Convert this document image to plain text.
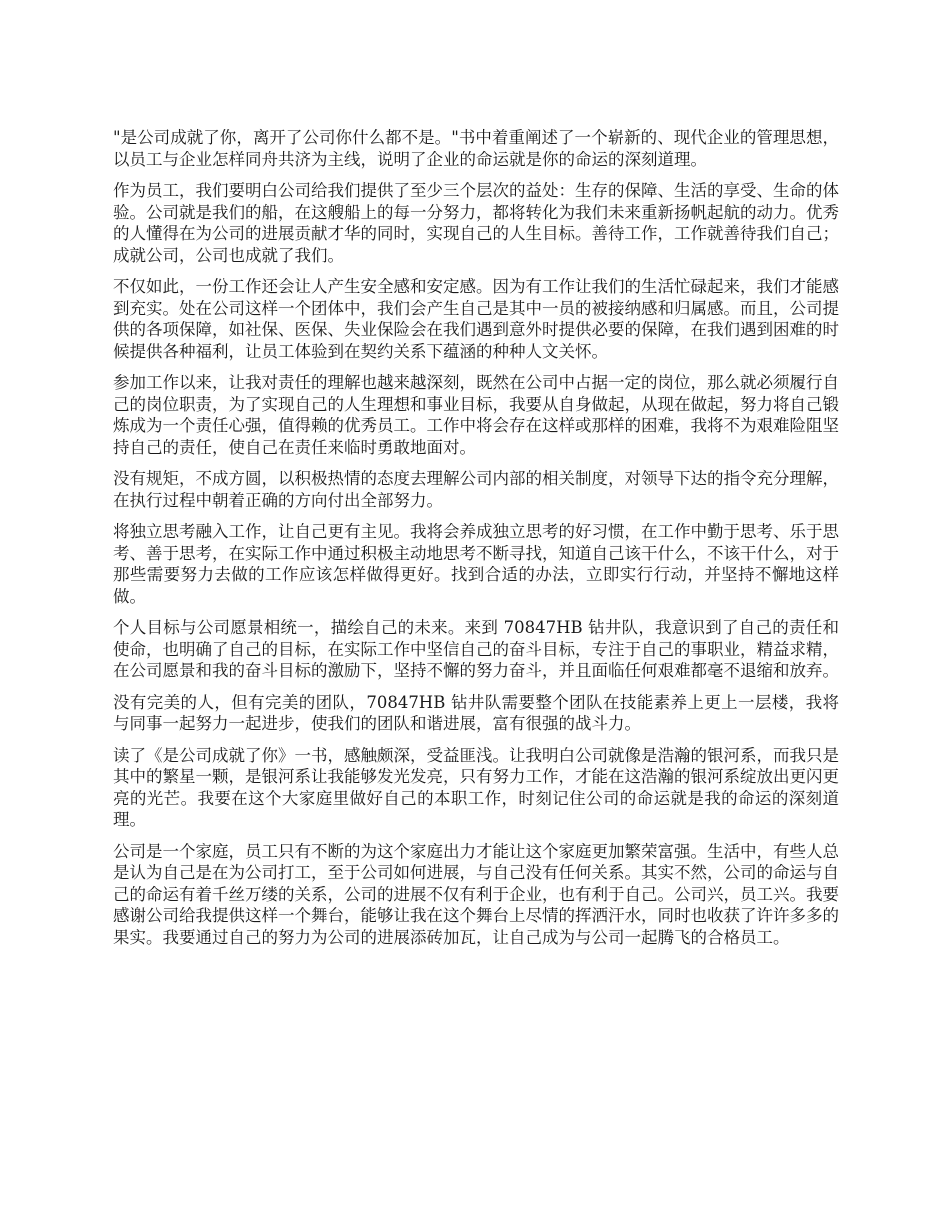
"是公司成就了你，离开了公司你什么都不是。"书中着重阐述了一个崭新的、现代企业的管理思想，以员工与企业怎样同舟共济为主线，说明了企业的命运就是你的命运的深刻道理。

作为员工，我们要明白公司给我们提供了至少三个层次的益处：生存的保障、生活的享受、生命的体验。公司就是我们的船，在这艘船上的每一分努力，都将转化为我们未来重新扬帆起航的动力。优秀的人懂得在为公司的进展贡献才华的同时，实现自己的人生目标。善待工作，工作就善待我们自己；成就公司，公司也成就了我们。

不仅如此，一份工作还会让人产生安全感和安定感。因为有工作让我们的生活忙碌起来，我们才能感到充实。处在公司这样一个团体中，我们会产生自己是其中一员的被接纳感和归属感。而且，公司提供的各项保障，如社保、医保、失业保险会在我们遇到意外时提供必要的保障，在我们遇到困难的时候提供各种福利，让员工体验到在契约关系下蕴涵的种种人文关怀。

参加工作以来，让我对责任的理解也越来越深刻，既然在公司中占据一定的岗位，那么就必须履行自己的岗位职责，为了实现自己的人生理想和事业目标，我要从自身做起，从现在做起，努力将自己锻炼成为一个责任心强，值得赖的优秀员工。工作中将会存在这样或那样的困难，我将不为艰难险阻坚持自己的责任，使自己在责任来临时勇敢地面对。

没有规矩，不成方圆，以积极热情的态度去理解公司内部的相关制度，对领导下达的指令充分理解，在执行过程中朝着正确的方向付出全部努力。

将独立思考融入工作，让自己更有主见。我将会养成独立思考的好习惯，在工作中勤于思考、乐于思考、善于思考，在实际工作中通过积极主动地思考不断寻找，知道自己该干什么，不该干什么，对于那些需要努力去做的工作应该怎样做得更好。找到合适的办法，立即实行行动，并坚持不懈地这样做。

个人目标与公司愿景相统一，描绘自己的未来。来到 70847HB 钻井队，我意识到了自己的责任和使命，也明确了自己的目标，在实际工作中坚信自己的奋斗目标，专注于自己的事职业，精益求精，在公司愿景和我的奋斗目标的激励下，坚持不懈的努力奋斗，并且面临任何艰难都毫不退缩和放弃。

没有完美的人，但有完美的团队，70847HB 钻井队需要整个团队在技能素养上更上一层楼，我将与同事一起努力一起进步，使我们的团队和谐进展，富有很强的战斗力。

读了《是公司成就了你》一书，感触颇深，受益匪浅。让我明白公司就像是浩瀚的银河系，而我只是其中的繁星一颗，是银河系让我能够发光发亮，只有努力工作，才能在这浩瀚的银河系绽放出更闪更亮的光芒。我要在这个大家庭里做好自己的本职工作，时刻记住公司的命运就是我的命运的深刻道理。

公司是一个家庭，员工只有不断的为这个家庭出力才能让这个家庭更加繁荣富强。生活中，有些人总是认为自己是在为公司打工，至于公司如何进展，与自己没有任何关系。其实不然，公司的命运与自己的命运有着千丝万缕的关系，公司的进展不仅有利于企业，也有利于自己。公司兴，员工兴。我要感谢公司给我提供这样一个舞台，能够让我在这个舞台上尽情的挥洒汗水，同时也收获了许许多多的果实。我要通过自己的努力为公司的进展添砖加瓦，让自己成为与公司一起腾飞的合格员工。
